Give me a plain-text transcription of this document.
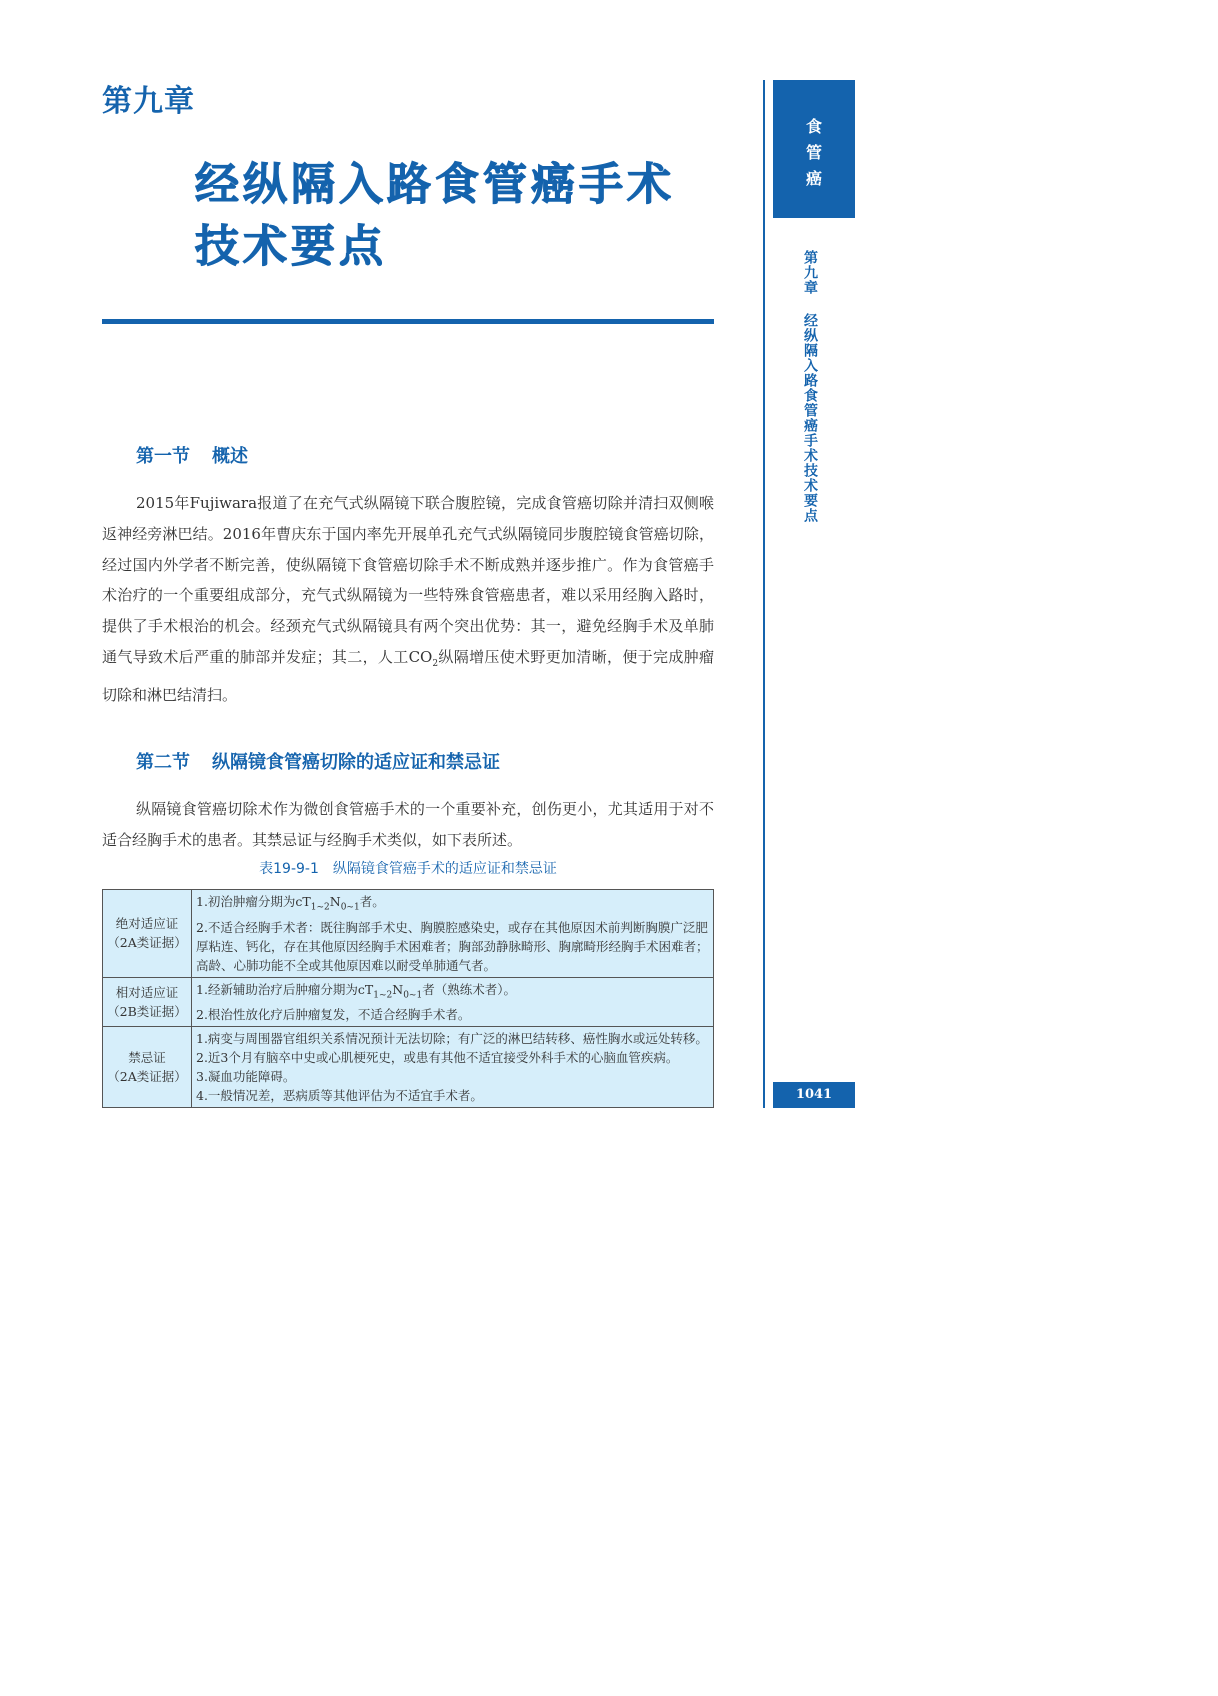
第九章
经纵隔入路食管癌手术
技术要点
第一节 概述

2015年Fujiwara报道了在充气式纵隔镜下联合腹腔镜，完成食管癌切除并清扫双侧喉返神经旁淋巴结。2016年曹庆东于国内率先开展单孔充气式纵隔镜同步腹腔镜食管癌切除，经过国内外学者不断完善，使纵隔镜下食管癌切除手术不断成熟并逐步推广。作为食管癌手术治疗的一个重要组成部分，充气式纵隔镜为一些特殊食管癌患者，难以采用经胸入路时，提供了手术根治的机会。经颈充气式纵隔镜具有两个突出优势：其一，避免经胸手术及单肺通气导致术后严重的肺部并发症；其二，人工$CO_2$纵隔增压使术野更加清晰，便于完成肿瘤切除和淋巴结清扫。

第二节 纵隔镜食管癌切除的适应证和禁忌证

纵隔镜食管癌切除术作为微创食管癌手术的一个重要补充，创伤更小，尤其适用于对不适合经胸手术的患者。其禁忌证与经胸手术类似，如下表所述。

表19-9-1　纵隔镜食管癌手术的适应证和禁忌证
绝对适应证
（2A类证据）	1.初治肿瘤分期为$cT_{1\sim 2}N_{0\sim 1}$者。
2.不适合经胸手术者：既往胸部手术史、胸膜腔感染史，或存在其他原因术前判断胸膜广泛肥厚粘连、钙化，存在其他原因经胸手术困难者；胸部劲静脉畸形、胸廓畸形经胸手术困难者；高龄、心肺功能不全或其他原因难以耐受单肺通气者。

相对适应证
（2B类证据）	1.经新辅助治疗后肿瘤分期为$cT_{1\sim 2}N_{0\sim 1}$者（熟练术者）。
2.根治性放化疗后肿瘤复发，不适合经胸手术者。

禁忌证
（2A类证据）	1.病变与周围器官组织关系情况预计无法切除；有广泛的淋巴结转移、癌性胸水或远处转移。
2.近3个月有脑卒中史或心肌梗死史，或患有其他不适宜接受外科手术的心脑血管疾病。
3.凝血功能障碍。
4.一般情况差，恶病质等其他评估为不适宜手术者。
食
管
癌
第九章经纵隔入路食管癌手术技术要点
1041
